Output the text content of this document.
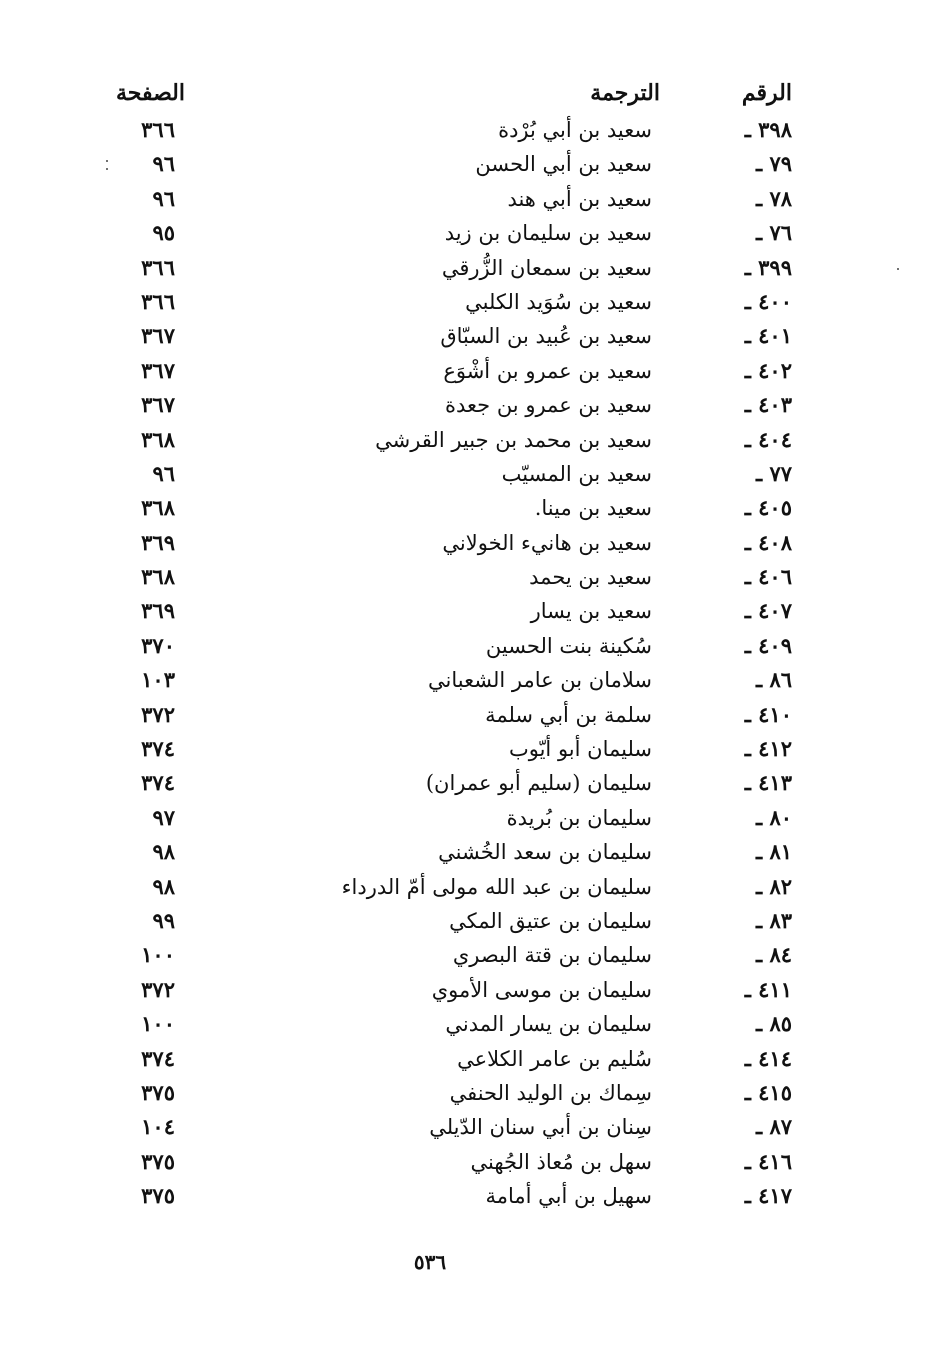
الرقم
الترجمة
الصفحة
٣٩٨ ـ
سعيد بن أبي بُرْدة
٣٦٦
٧٩ ـ
سعيد بن أبي الحسن
٩٦
٧٨ ـ
سعيد بن أبي هند
٩٦
٧٦ ـ
سعيد بن سليمان بن زيد
٩٥
٣٩٩ ـ
سعيد بن سمعان الزُّرقي
٣٦٦
٤٠٠ ـ
سعيد بن سُوَيد الكلبي
٣٦٦
٤٠١ ـ
سعيد بن عُبيد بن السبّاق
٣٦٧
٤٠٢ ـ
سعيد بن عمرو بن أشْوَع
٣٦٧
٤٠٣ ـ
سعيد بن عمرو بن جعدة
٣٦٧
٤٠٤ ـ
سعيد بن محمد بن جبير القرشي
٣٦٨
٧٧ ـ
سعيد بن المسيّب
٩٦
٤٠٥ ـ
سعيد بن مينا.
٣٦٨
٤٠٨ ـ
سعيد بن هانيء الخولاني
٣٦٩
٤٠٦ ـ
سعيد بن يحمد
٣٦٨
٤٠٧ ـ
سعيد بن يسار
٣٦٩
٤٠٩ ـ
سُكينة بنت الحسين
٣٧٠
٨٦ ـ
سلامان بن عامر الشعباني
١٠٣
٤١٠ ـ
سلمة بن أبي سلمة
٣٧٢
٤١٢ ـ
سليمان أبو أيّوب
٣٧٤
٤١٣ ـ
سليمان (سليم أبو عمران)
٣٧٤
٨٠ ـ
سليمان بن بُريدة
٩٧
٨١ ـ
سليمان بن سعد الخُشني
٩٨
٨٢ ـ
سليمان بن عبد الله مولى أمّ الدرداء
٩٨
٨٣ ـ
سليمان بن عتيق المكي
٩٩
٨٤ ـ
سليمان بن قتة البصري
١٠٠
٤١١ ـ
سليمان بن موسى الأموي
٣٧٢
٨٥ ـ
سليمان بن يسار المدني
١٠٠
٤١٤ ـ
سُليم بن عامر الكلاعي
٣٧٤
٤١٥ ـ
سِماك بن الوليد الحنفي
٣٧٥
٨٧ ـ
سِنان بن أبي سنان الدّيلي
١٠٤
٤١٦ ـ
سهل بن مُعاذ الجُهني
٣٧٥
٤١٧ ـ
سهيل بن أبي أمامة
٣٧٥
٥٣٦
